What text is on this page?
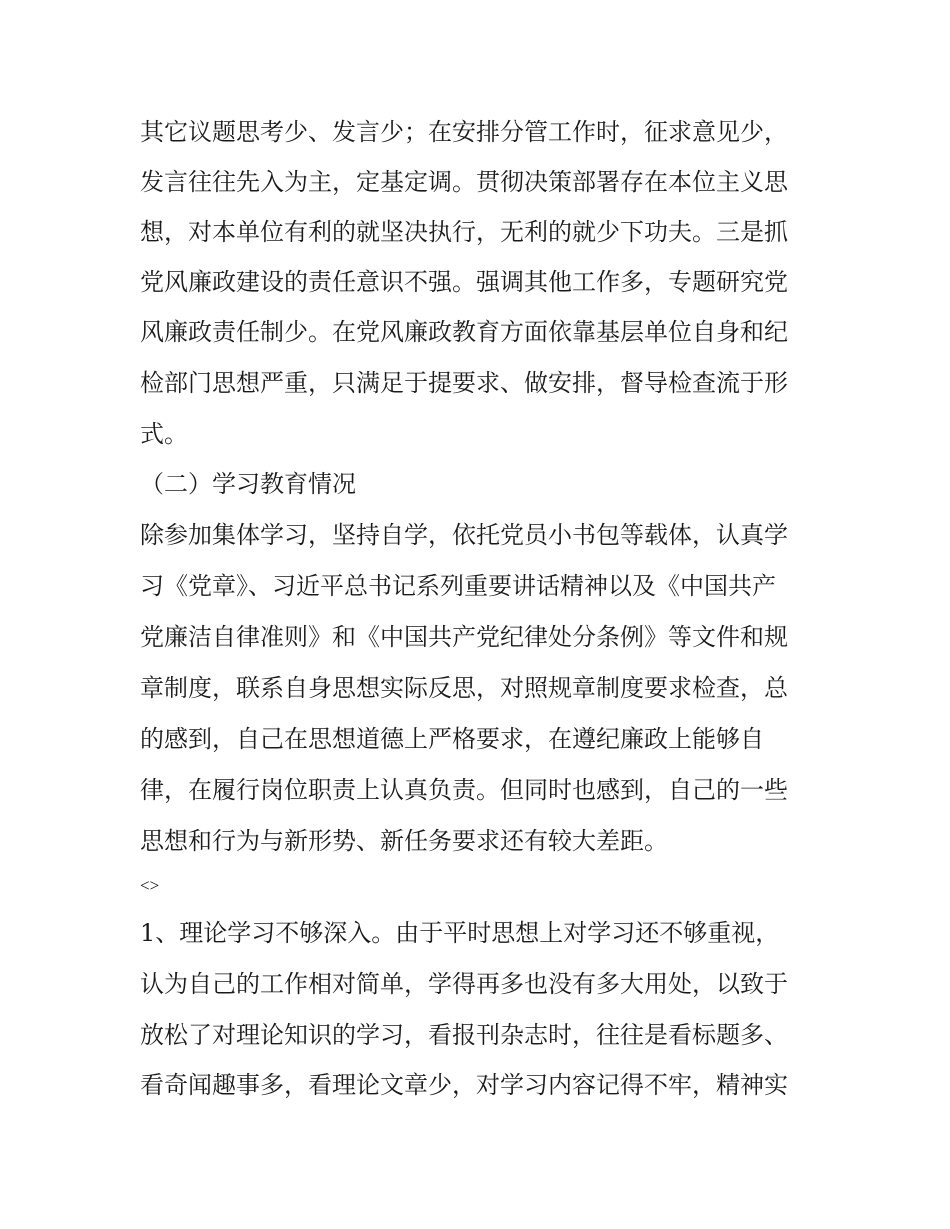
其它议题思考少、发言少；在安排分管工作时，征求意见少，

发言往往先入为主，定基定调。贯彻决策部署存在本位主义思

想，对本单位有利的就坚决执行，无利的就少下功夫。三是抓

党风廉政建设的责任意识不强。强调其他工作多，专题研究党

风廉政责任制少。在党风廉政教育方面依靠基层单位自身和纪

检部门思想严重，只满足于提要求、做安排，督导检查流于形

式。

（二）学习教育情况

除参加集体学习，坚持自学，依托党员小书包等载体，认真学

习《党章》、习近平总书记系列重要讲话精神以及《中国共产

党廉洁自律准则》和《中国共产党纪律处分条例》等文件和规

章制度，联系自身思想实际反思，对照规章制度要求检查，总

的感到，自己在思想道德上严格要求，在遵纪廉政上能够自

律，在履行岗位职责上认真负责。但同时也感到，自己的一些

思想和行为与新形势、新任务要求还有较大差距。

<>

1、理论学习不够深入。由于平时思想上对学习还不够重视，

认为自己的工作相对简单，学得再多也没有多大用处，以致于

放松了对理论知识的学习，看报刊杂志时，往往是看标题多、

看奇闻趣事多，看理论文章少，对学习内容记得不牢，精神实
